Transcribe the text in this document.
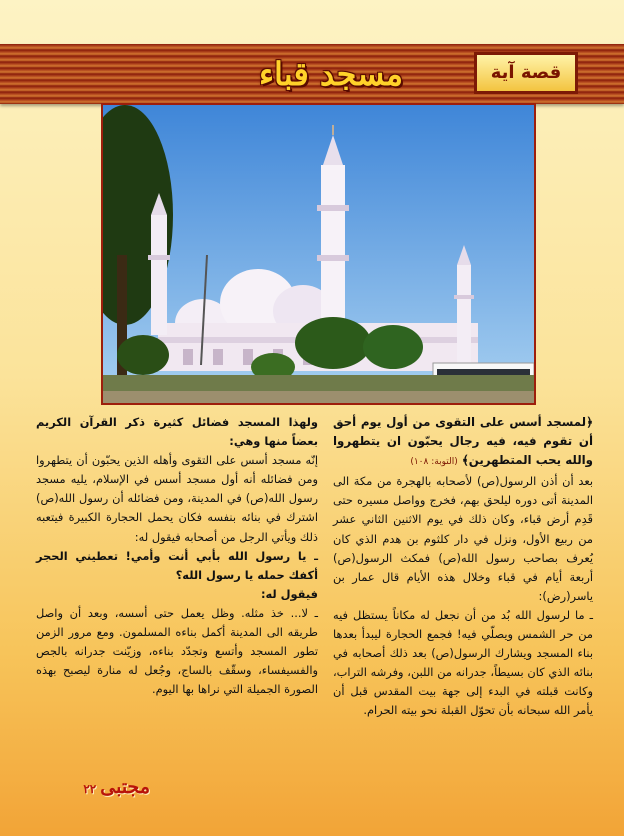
مسجد قباء	قصة آية

﴿لمسجد أسس على التقوى من أول يوم أحق أن تقوم فيه، فيه رجال يحبّون ان يتطهروا والله يحب المتطهرين﴾ (التوبة: ١٠٨)

بعد أن أذن الرسول(ص) لأصحابه بالهجرة من مكة الى المدينة أتى دوره ليلحق بهم، فخرج وواصل مسيره حتى قَدِم أرض قباء، وكان ذلك في يوم الاثنين الثاني عشر من ربيع الأول، ونزل في دار كلثوم بن هدم الذي كان يُعرف بصاحب رسول الله(ص) فمكث الرسول(ص) أربعة أيام في قباء وخلال هذه الأيام قال عمار بن ياسر(رض):

ـ ما لرسول الله بُد من أن نجعل له مكاناً يستظل فيه من حر الشمس ويصلّي فيه! فجمع الحجارة ليبدأ بعدها بناء المسجد ويشارك الرسول(ص) بعد ذلك أصحابه في بنائه الذي كان بسيطاً، جدرانه من اللبن، وفرشه التراب، وكانت قبلته في البدء إلى جهة بيت المقدس قبل أن يأمر الله سبحانه بأن تحوّل القبلة نحو بيته الحرام.

ولهذا المسجد فضائل كثيرة ذكر القرآن الكريم بعضاً منها وهي:

إنّه مسجد أسس على التقوى وأهله الذين يحبّون أن يتطهروا ومن فضائله أنه أول مسجد أسس في الإسلام، يليه مسجد رسول الله(ص) في المدينة، ومن فضائله أن رسول الله(ص) اشترك في بنائه بنفسه فكان يحمل الحجارة الكبيرة فيتعبه ذلك ويأتي الرجل من أصحابه فيقول له:

ـ يا رسول الله بأبي أنت وأمي! تعطيني الحجر أكفك حمله يا رسول الله؟

فيقول له:

ـ لا... خذ مثله. وظل يعمل حتى أسسه، وبعد أن واصل طريقه الى المدينة أكمل بناءه المسلمون. ومع مرور الزمن تطور المسجد وأتسع وتجدّد بناءه، وزيّنت جدرانه بالجص والفسيفساء، وسقّف بالساج، وجُعل له منارة ليصبح بهذه الصورة الجميلة التي نراها بها اليوم.

مجتبى٢٢
